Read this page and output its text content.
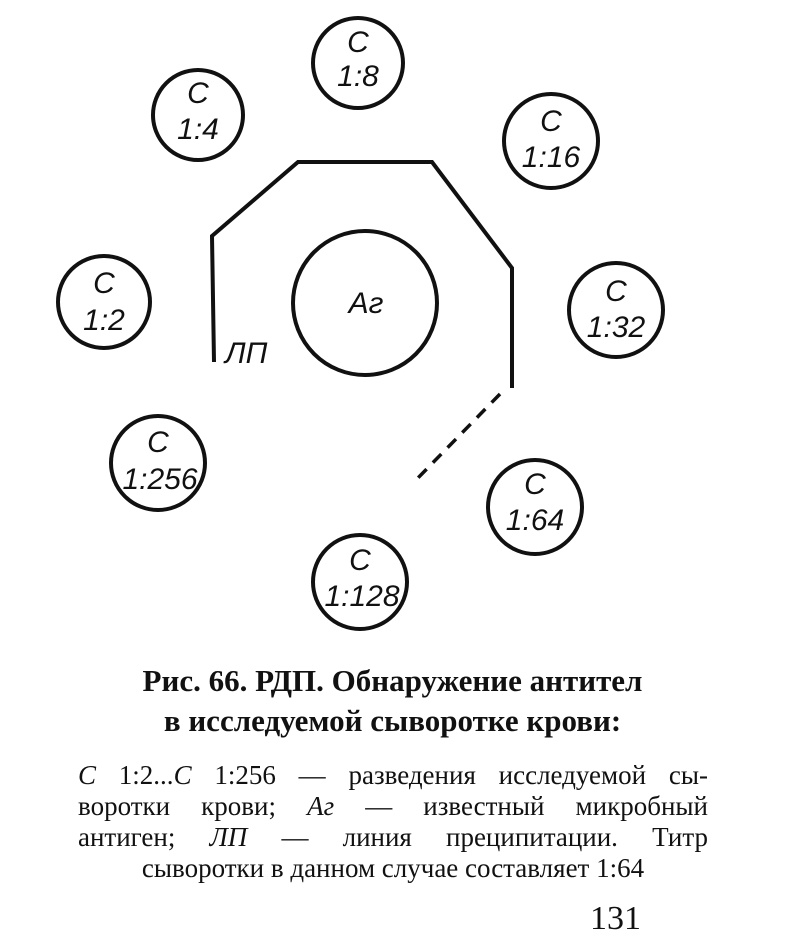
ЛП
Аг
С
1:8
С
1:16
С
1:32
С
1:64
С
1:128
С
1:256
С
1:2
С
1:4
Рис. 66. РДП. Обнаружение антител
в исследуемой сыворотке крови:
С 1:2...С 1:256 — разведения исследуемой сы-
воротки крови; Аг — известный микробный
антиген; ЛП — линия преципитации. Титр
сыворотки в данном случае составляет 1:64
131
